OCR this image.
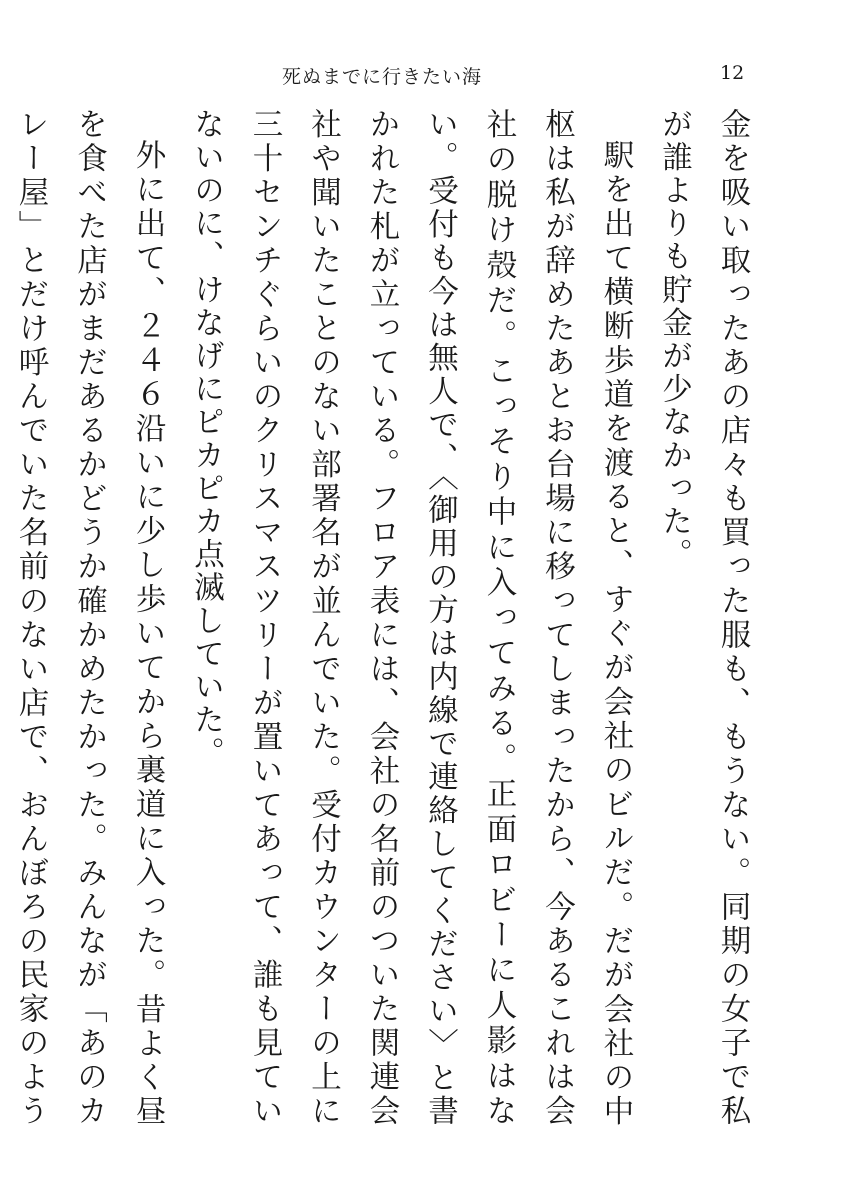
死ぬまでに行きたい海	12

金を吸い取ったあの店々も買った服も、もうない。同期の女子で私が誰よりも貯金が少なかった。

駅を出て横断歩道を渡ると、すぐが会社のビルだ。だが会社の中枢は私が辞めたあとお台場に移ってしまったから、今あるこれは会社の脱け殻だ。こっそり中に入ってみる。正面ロビーに人影はない。受付も今は無人で、〈御用の方は内線で連絡してください〉と書かれた札が立っている。フロア表には、会社の名前のついた関連会社や聞いたことのない部署名が並んでいた。受付カウンターの上に三十センチぐらいのクリスマスツリーが置いてあって、誰も見ていないのに、けなげにピカピカ点滅していた。

外に出て、２４６沿いに少し歩いてから裏道に入った。昔よく昼を食べた店がまだあるかどうか確かめたかった。みんなが「あのカレー屋」とだけ呼んでいた名前のない店で、おんぼろの民家のよう
